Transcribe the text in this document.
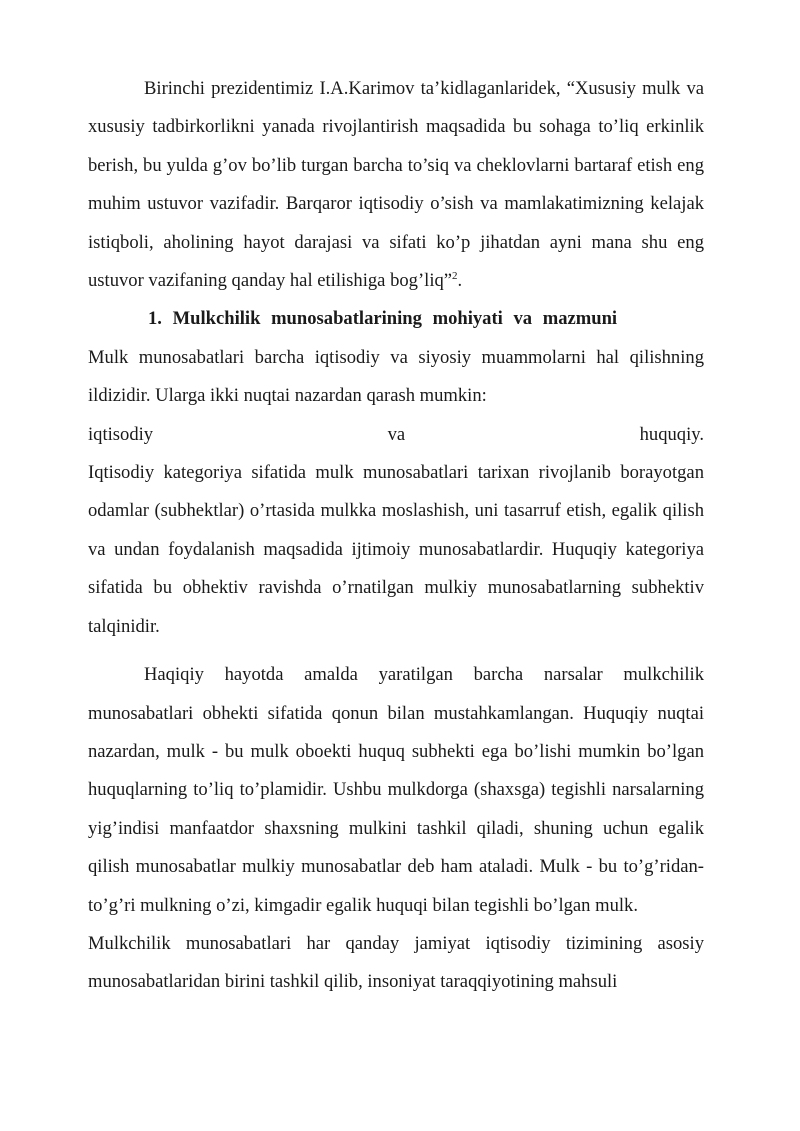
Birinchi prezidentimiz I.A.Karimov ta’kidlaganlaridek, “Xususiy mulk va xususiy tadbirkorlikni yanada rivojlantirish maqsadida bu sohaga to’liq erkinlik berish, bu yulda g’ov bo’lib turgan barcha to’siq va cheklovlarni bartaraf etish eng muhim ustuvor vazifadir. Barqaror iqtisodiy o’sish va mamlakatimizning kelajak istiqboli, aholining hayot darajasi va sifati ko’p jihatdan ayni mana shu eng ustuvor vazifaning qanday hal etilishiga bog’liq”$^2$.

1. Mulkchilik munosabatlarining mohiyati va mazmuni

Mulk munosabatlari barcha iqtisodiy va siyosiy muammolarni hal qilishning ildizidir. Ularga ikki nuqtai nazardan qarash mumkin:

iqtisodiy	va	huquqiy.

Iqtisodiy kategoriya sifatida mulk munosabatlari tarixan rivojlanib borayotgan odamlar (subhektlar) o’rtasida mulkka moslashish, uni tasarruf etish, egalik qilish va undan foydalanish maqsadida ijtimoiy munosabatlardir. Huquqiy kategoriya sifatida bu obhektiv ravishda o’rnatilgan mulkiy munosabatlarning subhektiv talqinidir.

Haqiqiy hayotda amalda yaratilgan barcha narsalar mulkchilik munosabatlari obhekti sifatida qonun bilan mustahkamlangan. Huquqiy nuqtai nazardan, mulk - bu mulk oboekti huquq subhekti ega bo’lishi mumkin bo’lgan huquqlarning to’liq to’plamidir. Ushbu mulkdorga (shaxsga) tegishli narsalarning yig’indisi manfaatdor shaxsning mulkini tashkil qiladi, shuning uchun egalik qilish munosabatlar mulkiy munosabatlar deb ham ataladi. Mulk - bu to’g’ridan-to’g’ri mulkning o’zi, kimgadir egalik huquqi bilan tegishli bo’lgan mulk.

Mulkchilik munosabatlari har qanday jamiyat iqtisodiy tizimining asosiy munosabatlaridan birini tashkil qilib, insoniyat taraqqiyotining mahsuli
